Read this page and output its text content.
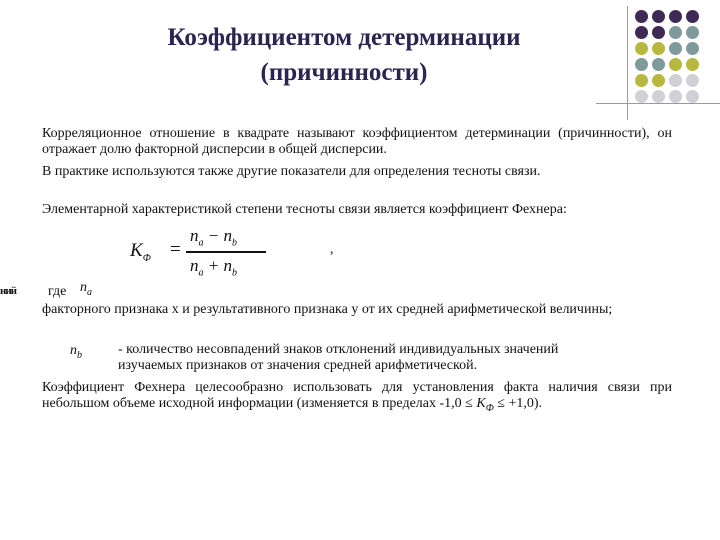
Коэффициентом детерминации
(причинности)

Корреляционное отношение в квадрате называют коэффициентом детерминации (причинности), он отражает долю факторной дисперсии в общей дисперсии.

В практике используются также другие показатели для определения тесноты связи.

Элементарной характеристикой степени тесноты связи является коэффициент Фехнера:

$K_Ф$ =
$n_a - n_b$
$n_a + n_b$
,
ний где $n_a$

факторного признака x и результативного признака y от их средней арифметической величины;

$n_b$	- количество несовпадений знаков отклонений индивидуальных значений изучаемых признаков от значения средней арифметической.

Коэффициент Фехнера целесообразно использовать для установления факта наличия связи при небольшом объеме исходной информации (изменяется в пределах $-1,0 \le K_Ф \le +1,0$).
